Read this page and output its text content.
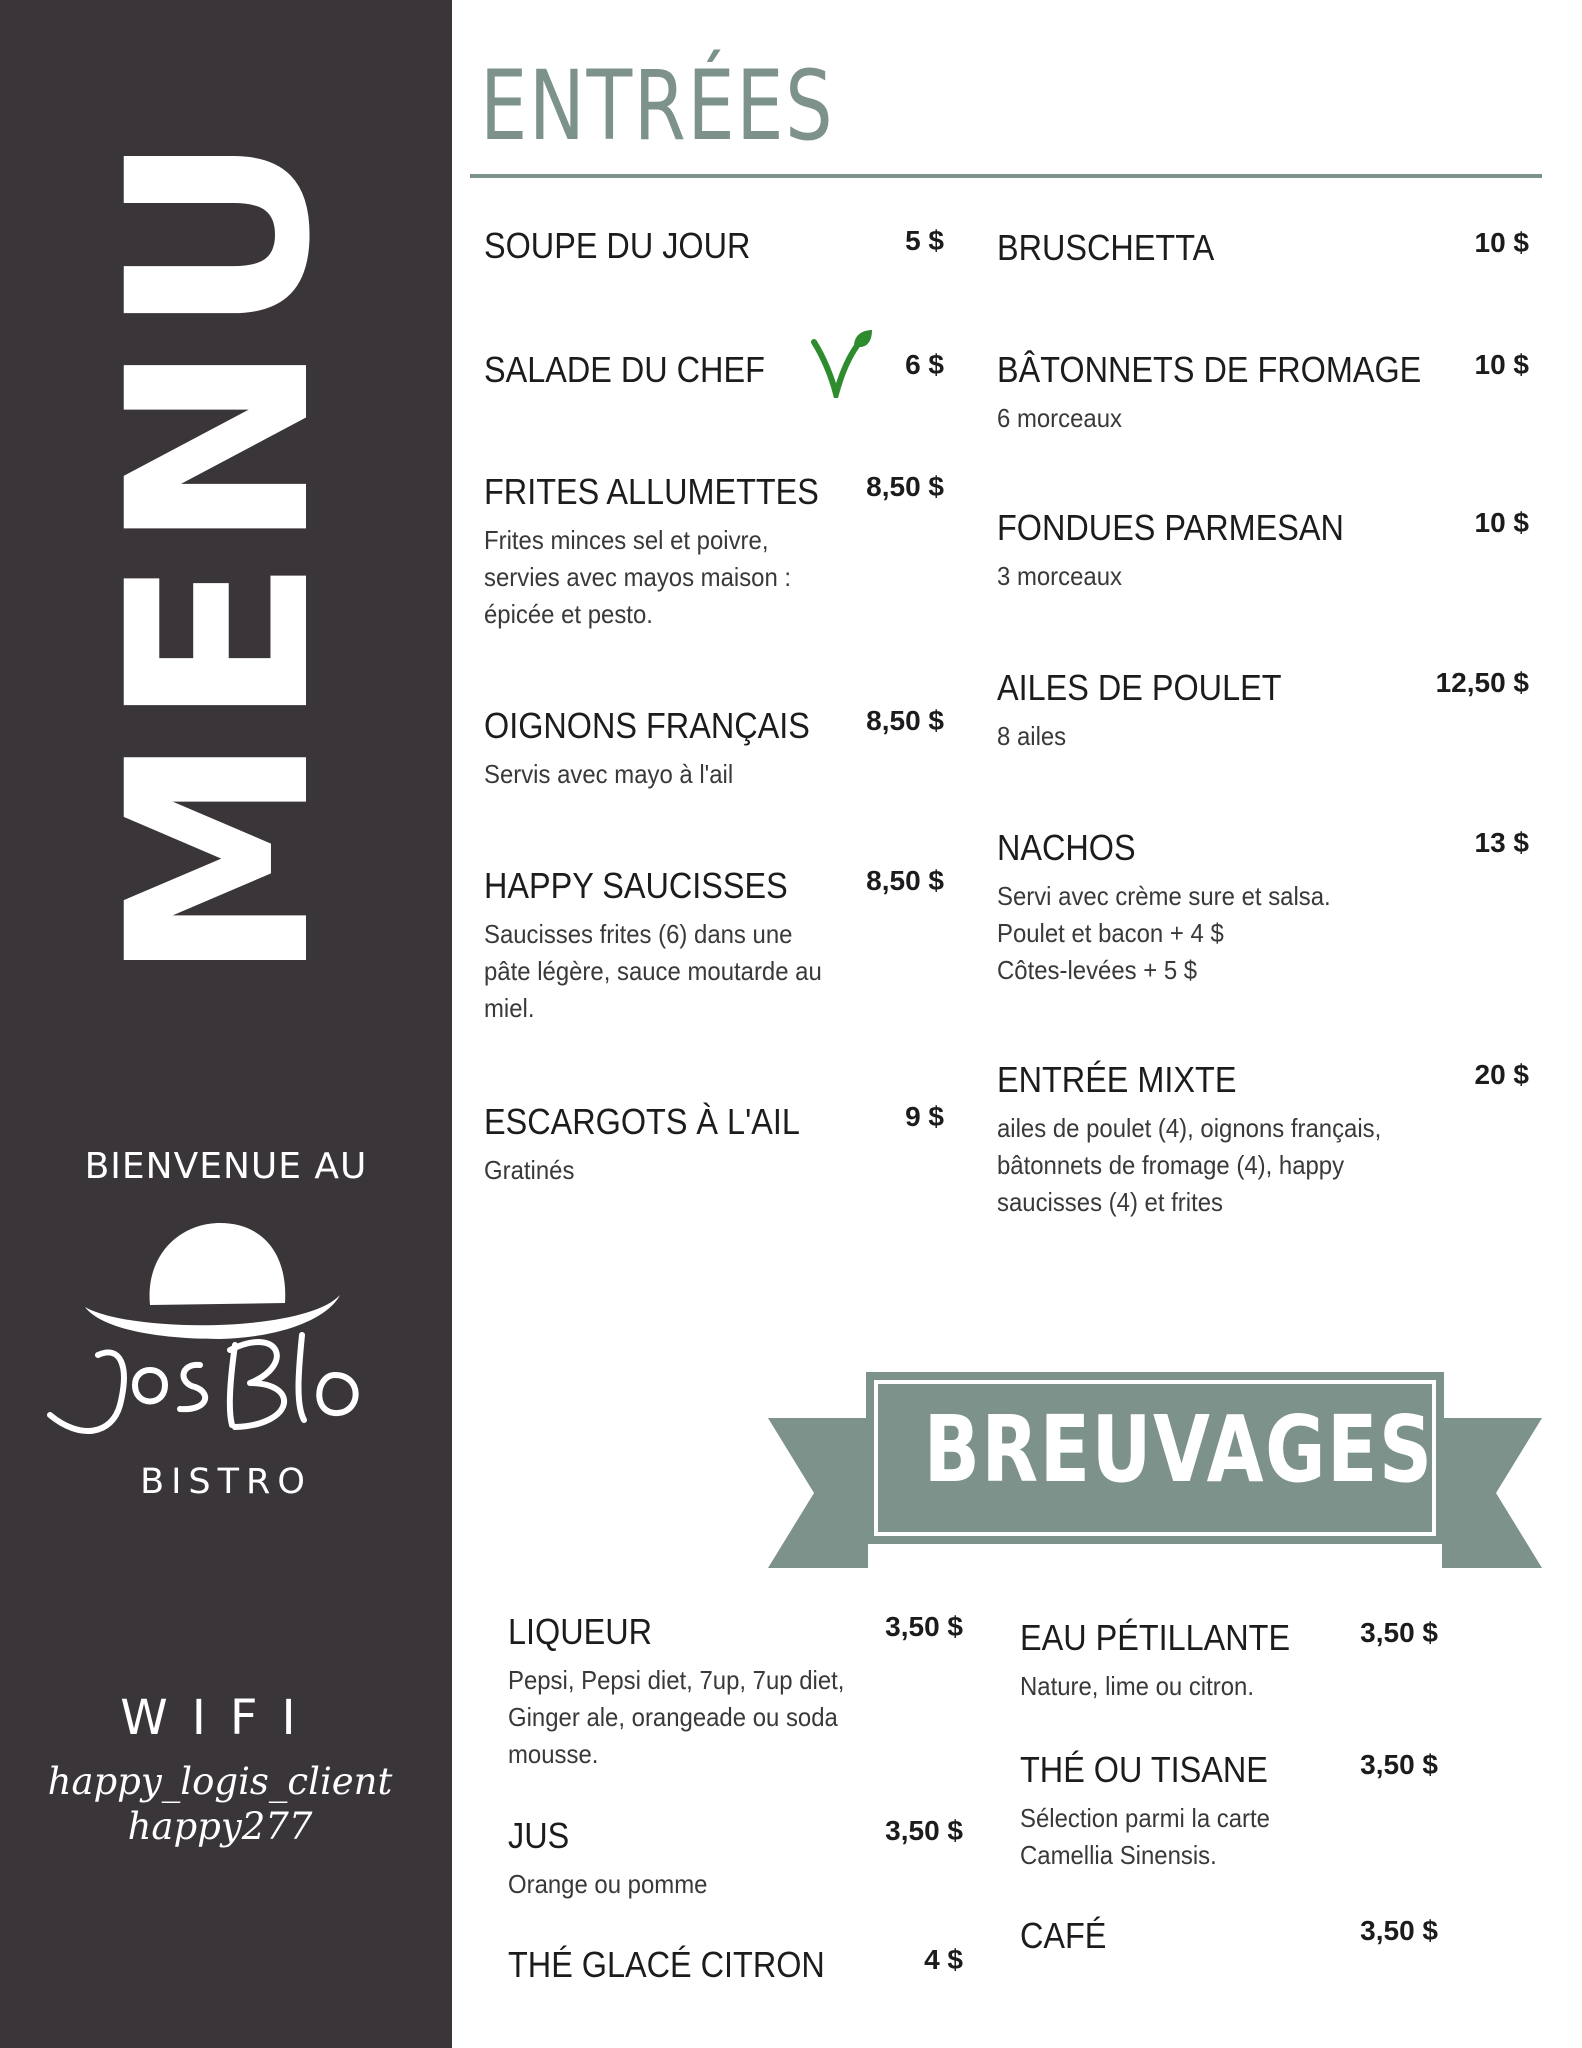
MENU
BIENVENUE AU
BISTRO
WIFI
happy_logis_client
happy277
ENTRÉES
SOUPE DU JOUR	5 $
SALADE DU CHEF	6 $
FRITES ALLUMETTES 8,50 $
Frites minces sel et poivre,
servies avec mayos maison :
épicée et pesto.
OIGNONS FRANÇAIS 8,50 $
Servis avec mayo à l'ail
HAPPY SAUCISSES	8,50 $
Saucisses frites (6) dans une
pâte légère, sauce moutarde au
miel.
ESCARGOTS À L'AIL	9 $
Gratinés
BRUSCHETTA	10 $
BÂTONNETS DE FROMAGE 10 $
6 morceaux
FONDUES PARMESAN	10 $
3 morceaux
AILES DE POULET	12,50 $
8 ailes
NACHOS	13 $
Servi avec crème sure et salsa.
Poulet et bacon + 4 $
Côtes-levées + 5 $
ENTRÉE MIXTE	20 $
ailes de poulet (4), oignons français,
bâtonnets de fromage (4), happy
saucisses (4) et frites
BREUVAGES
LIQUEUR	3,50 $
Pepsi, Pepsi diet, 7up, 7up diet,
Ginger ale, orangeade ou soda
mousse.
JUS	3,50 $
Orange ou pomme
THÉ GLACÉ CITRON	4 $
EAU PÉTILLANTE	3,50 $
Nature, lime ou citron.
THÉ OU TISANE	3,50 $
Sélection parmi la carte
Camellia Sinensis.
CAFÉ	3,50 $
